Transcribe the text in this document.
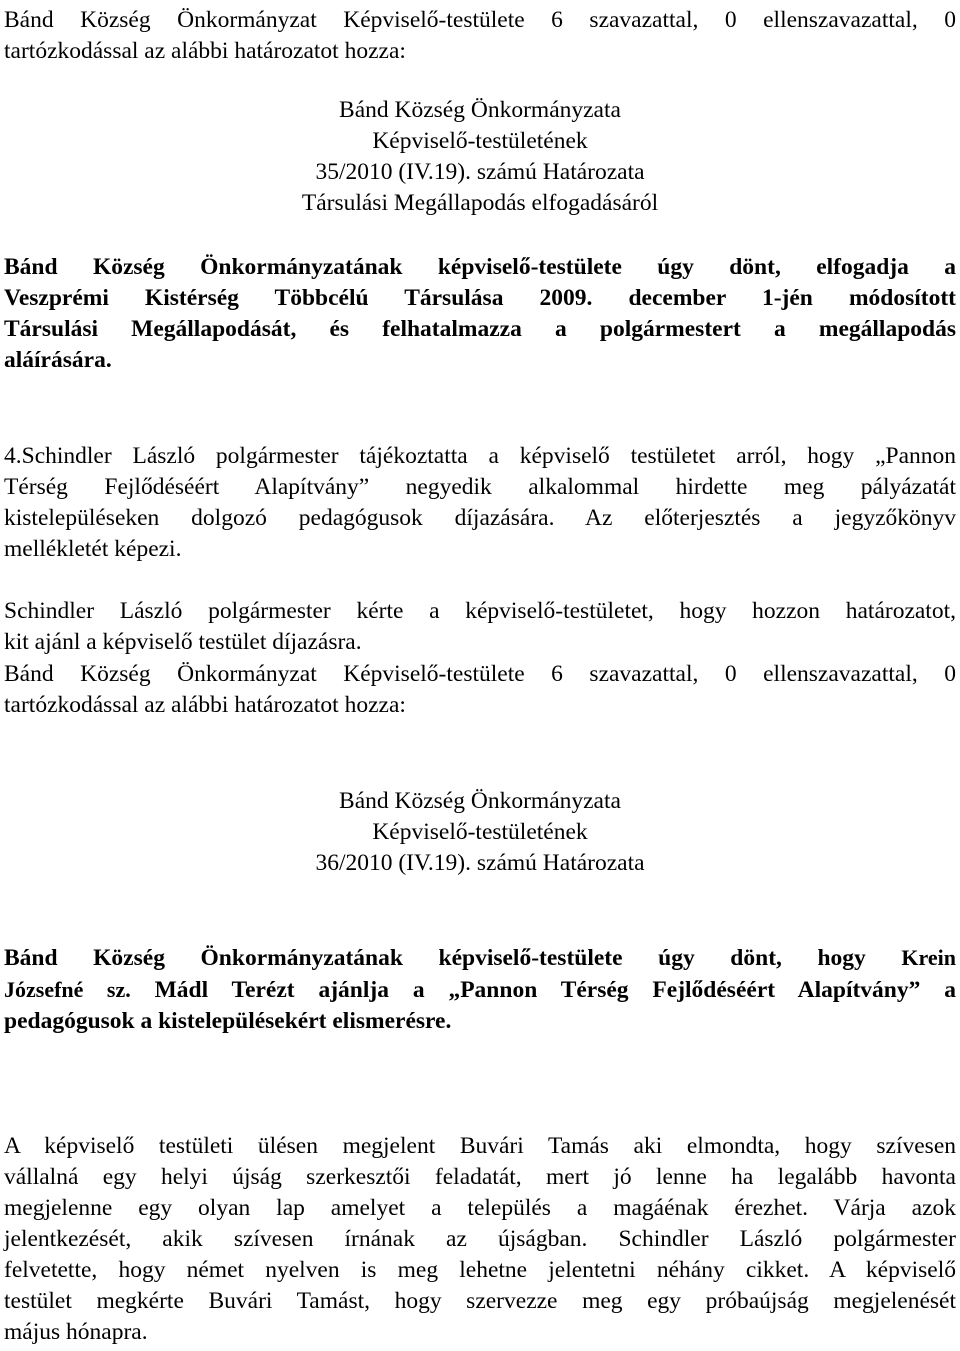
Bánd Község Önkormányzat Képviselő-testülete 6 szavazattal, 0 ellenszavazattal, 0
tartózkodással az alábbi határozatot hozza:
Bánd Község Önkormányzata
Képviselő-testületének
35/2010 (IV.19). számú Határozata
Társulási Megállapodás elfogadásáról
Bánd Község Önkormányzatának képviselő-testülete úgy dönt, elfogadja a
Veszprémi Kistérség Többcélú Társulása 2009. december 1-jén módosított
Társulási Megállapodását, és felhatalmazza a polgármestert a megállapodás
aláírására.
4.Schindler László polgármester tájékoztatta a képviselő testületet arról, hogy „Pannon
Térség Fejlődéséért Alapítvány” negyedik alkalommal hirdette meg pályázatát
kistelepüléseken dolgozó pedagógusok díjazására. Az előterjesztés a jegyzőkönyv
mellékletét képezi.
Schindler László polgármester kérte a képviselő-testületet, hogy hozzon határozatot,
kit ajánl a képviselő testület díjazásra.
Bánd Község Önkormányzat Képviselő-testülete 6 szavazattal, 0 ellenszavazattal, 0
tartózkodással az alábbi határozatot hozza:
Bánd Község Önkormányzata
Képviselő-testületének
36/2010 (IV.19). számú Határozata
Bánd Község Önkormányzatának képviselő-testülete úgy dönt, hogy Krein
Józsefné sz. Mádl Terézt ajánlja a „Pannon Térség Fejlődéséért Alapítvány” a
pedagógusok a kistelepülésekért elismerésre.
A képviselő testületi ülésen megjelent Buvári Tamás aki elmondta, hogy szívesen
vállalná egy helyi újság szerkesztői feladatát, mert jó lenne ha legalább havonta
megjelenne egy olyan lap amelyet a település a magáénak érezhet. Várja azok
jelentkezését, akik szívesen írnának az újságban. Schindler László polgármester
felvetette, hogy német nyelven is meg lehetne jelentetni néhány cikket. A képviselő
testület megkérte Buvári Tamást, hogy szervezze meg egy próbaújság megjelenését
május hónapra.
